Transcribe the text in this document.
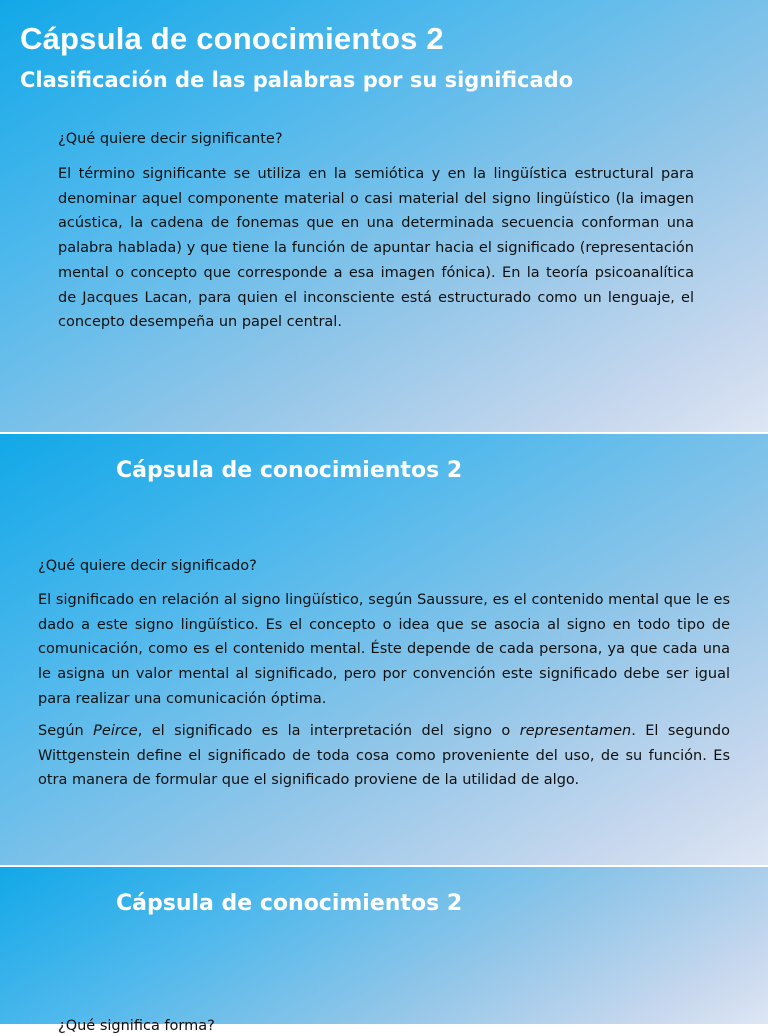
Cápsula de conocimientos 2
Clasificación de las palabras por su significado

¿Qué quiere decir significante?

El término significante se utiliza en la semiótica y en la lingüística estructural para denominar aquel componente material o casi material del signo lingüístico (la imagen acústica, la cadena de fonemas que en una determinada secuencia conforman una palabra hablada) y que tiene la función de apuntar hacia el significado (representación mental o concepto que corresponde a esa imagen fónica). En la teoría psicoanalítica de Jacques Lacan, para quien el inconsciente está estructurado como un lenguaje, el concepto desempeña un papel central.

Cápsula de conocimientos 2

¿Qué quiere decir significado?

El significado en relación al signo lingüístico, según Saussure, es el contenido mental que le es dado a este signo lingüístico. Es el concepto o idea que se asocia al signo en todo tipo de comunicación, como es el contenido mental. Éste depende de cada persona, ya que cada una le asigna un valor mental al significado, pero por convención este significado debe ser igual para realizar una comunicación óptima.

Según Peirce, el significado es la interpretación del signo o representamen. El segundo Wittgenstein define el significado de toda cosa como proveniente del uso, de su función. Es otra manera de formular que el significado proviene de la utilidad de algo.

Cápsula de conocimientos 2

¿Qué significa forma?
